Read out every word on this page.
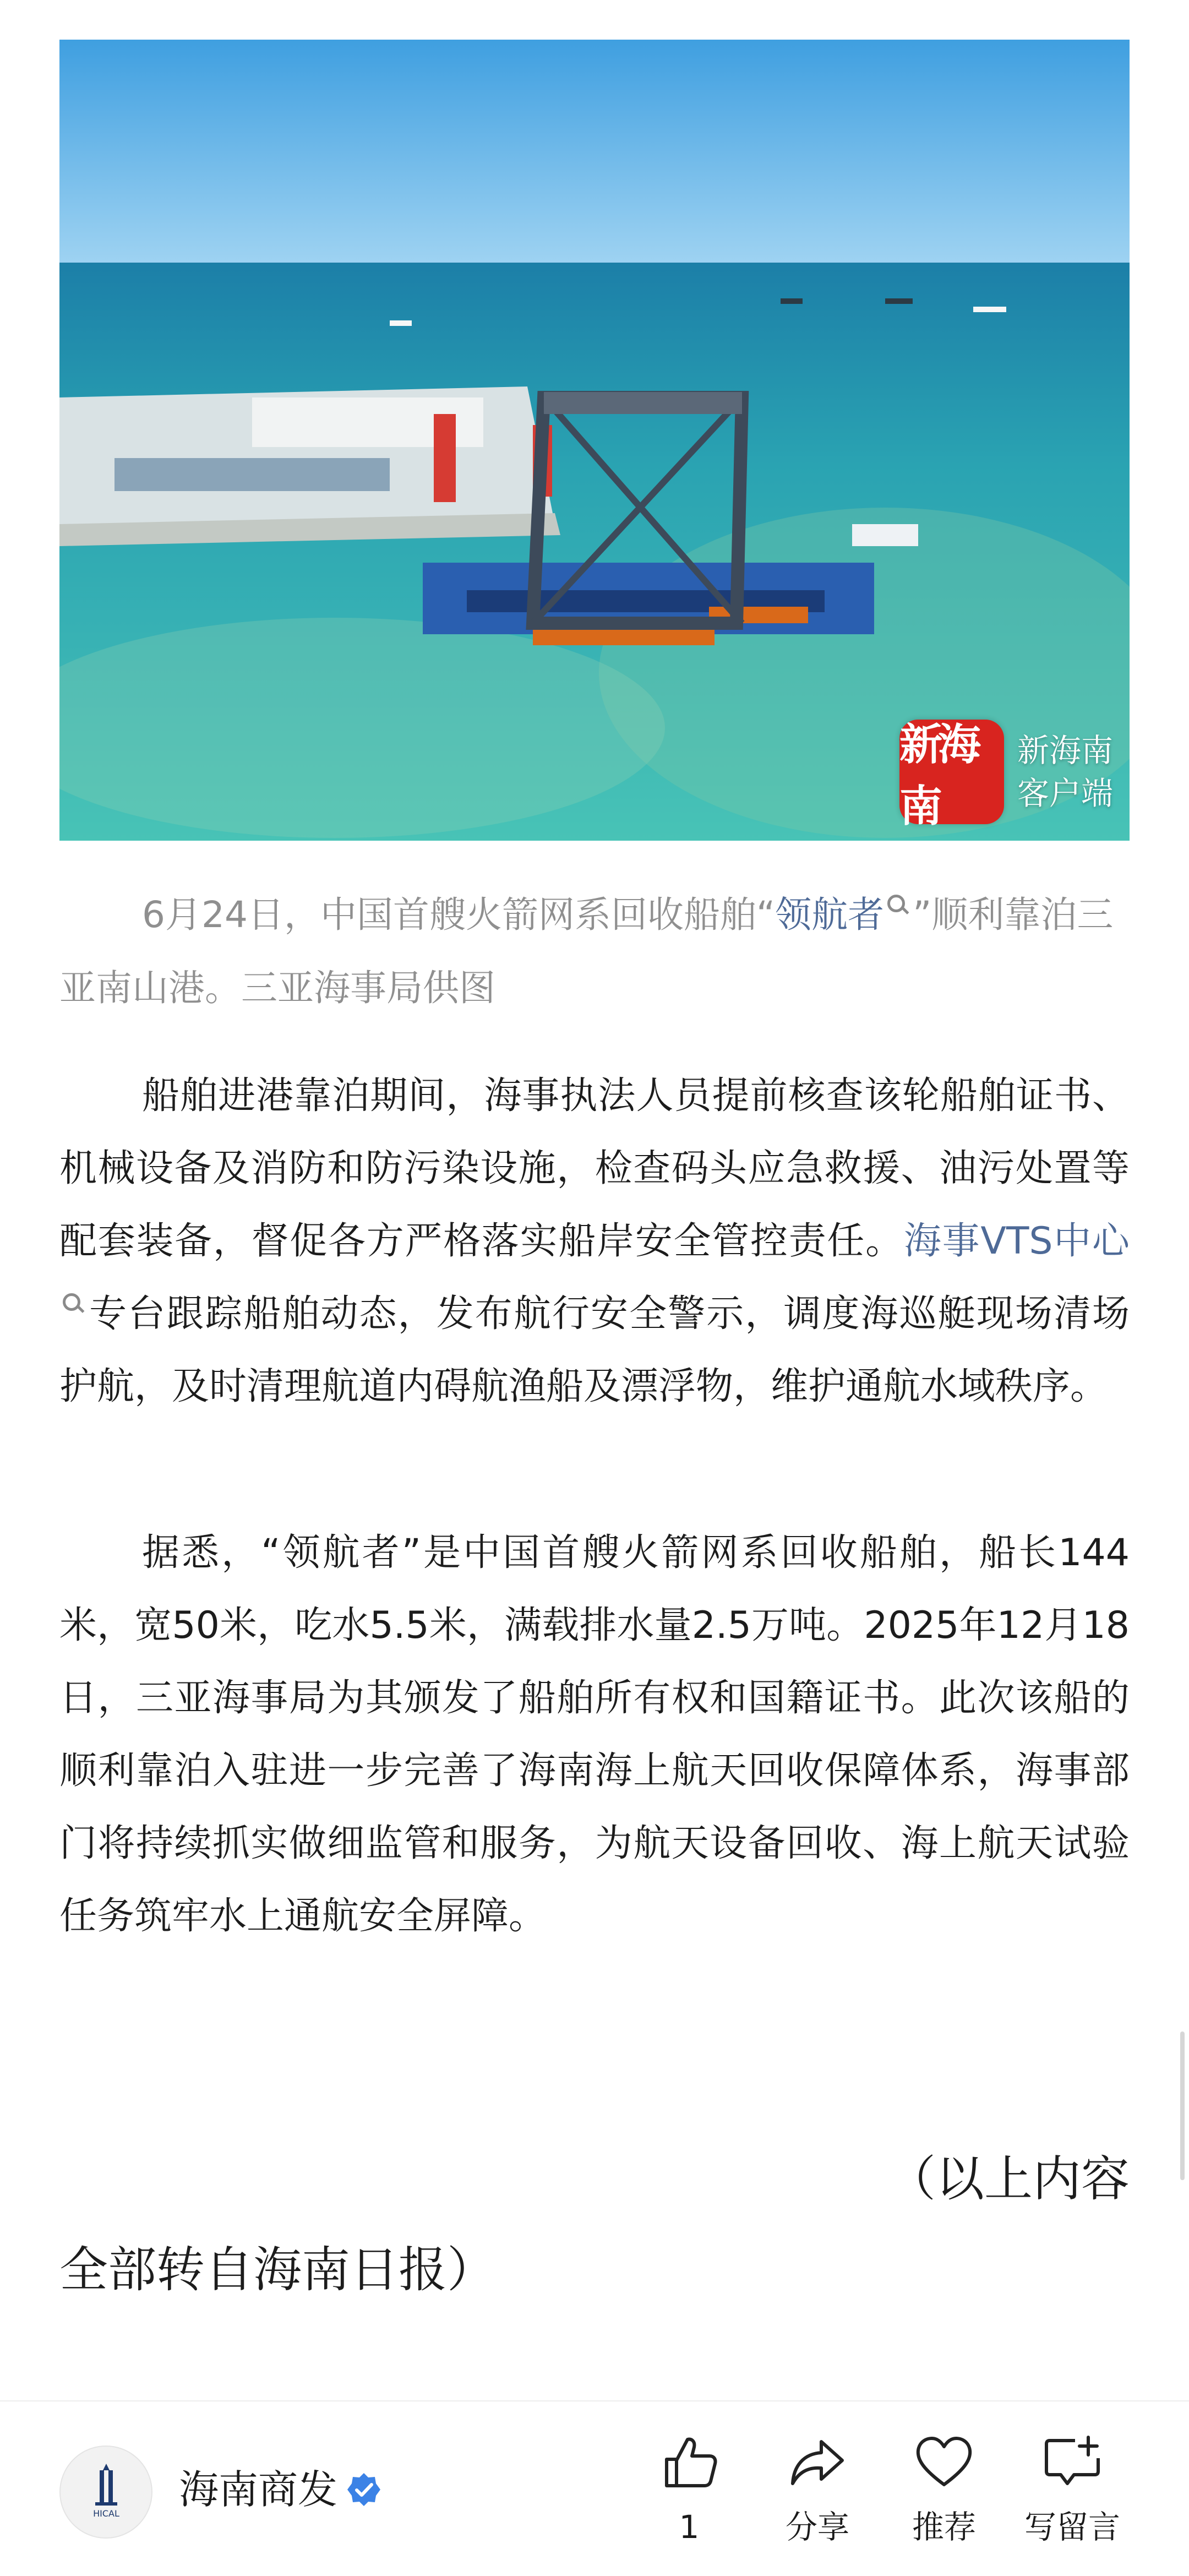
新海南
新海南
客户端
6月24日，中国首艘火箭网系回收船舶“领航者 ”顺利靠泊三亚南山港。三亚海事局供图
船舶进港靠泊期间，海事执法人员提前核查该轮船舶证书、机械设备及消防和防污染设施，检查码头应急救援、油污处置等配套装备，督促各方严格落实船岸安全管控责任。海事VTS中心专台跟踪船舶动态，发布航行安全警示，调度海巡艇现场清场护航，及时清理航道内碍航渔船及漂浮物，维护通航水域秩序。
据悉，“领航者”是中国首艘火箭网系回收船舶，船长144米，宽50米，吃水5.5米，满载排水量2.5万吨。2025年12月18日，三亚海事局为其颁发了船舶所有权和国籍证书。此次该船的顺利靠泊入驻进一步完善了海南海上航天回收保障体系，海事部门将持续抓实做细监管和服务，为航天设备回收、海上航天试验任务筑牢水上通航安全屏障。
（以上内容
全部转自海南日报）
HICAL
海南商发
1	分享	推荐	写留言
